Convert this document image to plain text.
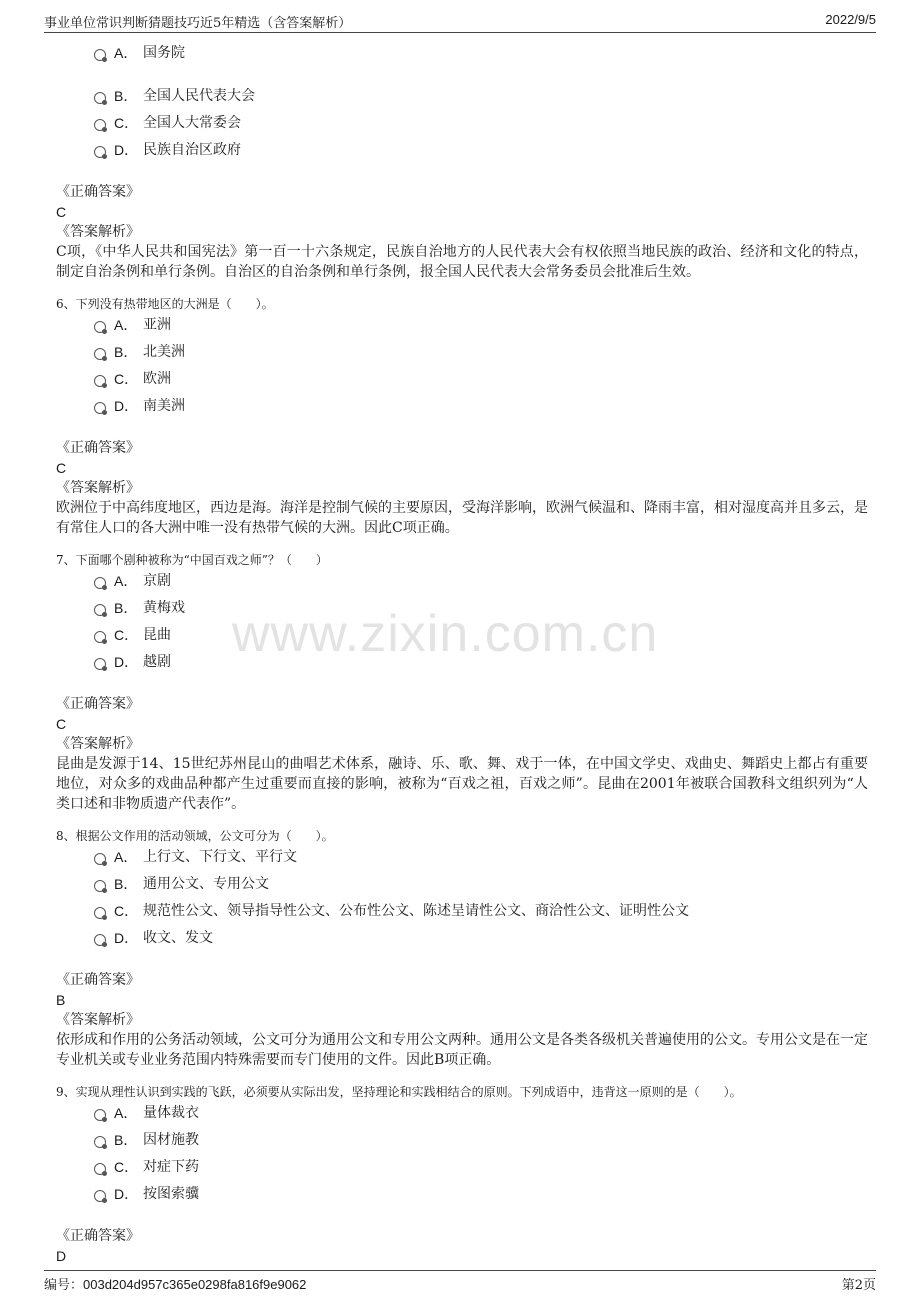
事业单位常识判断猜题技巧近5年精选（含答案解析）	2022/9/5
www.zixin.com.cn
A． 国务院
B． 全国人民代表大会
C． 全国人大常委会
D． 民族自治区政府
《正确答案》
C
《答案解析》
C项，《中华人民共和国宪法》第一百一十六条规定，民族自治地方的人民代表大会有权依照当地民族的政治、经济和文化的特点，制定自治条例和单行条例。自治区的自治条例和单行条例，报全国人民代表大会常务委员会批准后生效。
6、下列没有热带地区的大洲是（　　）。
A． 亚洲
B． 北美洲
C． 欧洲
D． 南美洲
《正确答案》
C
《答案解析》
欧洲位于中高纬度地区，西边是海。海洋是控制气候的主要原因，受海洋影响，欧洲气候温和、降雨丰富，相对湿度高并且多云，是有常住人口的各大洲中唯一没有热带气候的大洲。因此C项正确。
7、下面哪个剧种被称为“中国百戏之师”？（　　）
A． 京剧
B． 黄梅戏
C． 昆曲
D． 越剧
《正确答案》
C
《答案解析》
昆曲是发源于14、15世纪苏州昆山的曲唱艺术体系，融诗、乐、歌、舞、戏于一体，在中国文学史、戏曲史、舞蹈史上都占有重要地位，对众多的戏曲品种都产生过重要而直接的影响，被称为“百戏之祖，百戏之师”。昆曲在2001年被联合国教科文组织列为“人类口述和非物质遗产代表作”。
8、根据公文作用的活动领域，公文可分为（　　）。
A． 上行文、下行文、平行文
B． 通用公文、专用公文
C． 规范性公文、领导指导性公文、公布性公文、陈述呈请性公文、商洽性公文、证明性公文
D． 收文、发文
《正确答案》
B
《答案解析》
依形成和作用的公务活动领域，公文可分为通用公文和专用公文两种。通用公文是各类各级机关普遍使用的公文。专用公文是在一定专业机关或专业业务范围内特殊需要而专门使用的文件。因此B项正确。
9、实现从理性认识到实践的飞跃，必须要从实际出发，坚持理论和实践相结合的原则。下列成语中，违背这一原则的是（　　）。
A． 量体裁衣
B． 因材施教
C． 对症下药
D． 按图索骥
《正确答案》
D
编号：003d204d957c365e0298fa816f9e9062	第2页
